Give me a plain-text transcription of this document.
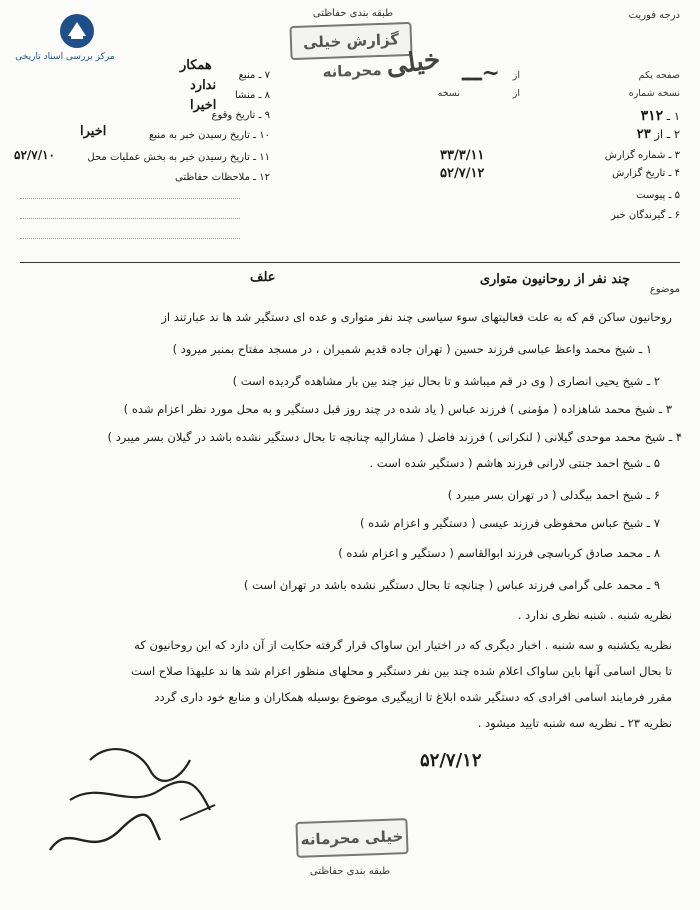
مرکز بررسی اسناد تاریخی
طبقه بندی حفاظتی
گزارش خیلی محرمانه خیلی
درجه فوریت
صفحه یکم
از
نسخه شماره
از
نسخه
~ـــ
۱ ـ ۳۱۲
۲ ـ از ۲۳
۳ ـ شماره گزارش
۳۳/۳/۱۱
۴ ـ تاریخ گزارش
۵۲/۷/۱۲
۵ ـ پیوست
۶ ـ گیرندگان خبر
۷ ـ منبع
همکار
۸ ـ منشا
ندارد
۹ ـ تاریخ وقوع
اخیرا
۱۰ ـ تاریخ رسیدن خبر به منبع
اخیرا
۱۱ ـ تاریخ رسیدن خبر به بخش عملیات محل
۵۲/۷/۱۰
۱۲ ـ ملاحظات حفاظتی
موضوع
چند نفر از روحانیون متواری
علف
روحانیون ساکن قم که به علت فعالیتهای سوء سیاسی چند نفر متواری و عده ای دستگیر شد ها ند عبارتند از
۱ ـ شیخ محمد واعظ عباسی فرزند حسین ( تهران جاده قدیم شمیران ، در مسجد مفتاح بمنبر میرود )
۲ ـ شیخ یحیی انصاری ( وی در قم میباشد و تا بحال نیز چند بین بار مشاهده گردیده است )
۳ ـ شیخ محمد شاهزاده ( مؤمنی ) فرزند عباس ( یاد شده در چند روز قبل دستگیر و به محل مورد نظر اعزام شده )
۴ ـ شیخ محمد موحدی گیلانی ( لنکرانی ) فرزند فاضل ( مشارالیه چنانچه تا بحال دستگیر نشده باشد در گیلان بسر میبرد )
۵ ـ شیخ احمد جنتی لارانی فرزند هاشم ( دستگیر شده است .
۶ ـ شیخ احمد بیگدلی ( در تهران بسر میبرد )
۷ ـ شیخ عباس محفوظی فرزند عیسی ( دستگیر و اعزام شده )
۸ ـ محمد صادق کرباسچی فرزند ابوالقاسم ( دستگیر و اعزام شده )
۹ ـ محمد علی گرامی فرزند عباس ( چنانچه تا بحال دستگیر نشده باشد در تهران است )
نظریه شنبه . شنبه نظری ندارد .
نظریه یکشنبه و سه شنبه . اخبار دیگری که در اختیار این ساواک قرار گرفته حکایت از آن دارد که این روحانیون که
تا بحال اسامی آنها باین ساواک اعلام شده چند بین نفر دستگیر و محلهای منظور اعزام شد ها ند علیهذا صلاح است
مقرر فرمایند اسامی افرادی که دستگیر شده ابلاغ تا ازپیگیری موضوع بوسیله همکاران و منابع خود داری گردد
نظریه ۲۳ ـ نظریه سه شنبه تایید میشود .
۵۲/۷/۱۲
خیلی محرمانه
طبقه بندی حفاظتی
